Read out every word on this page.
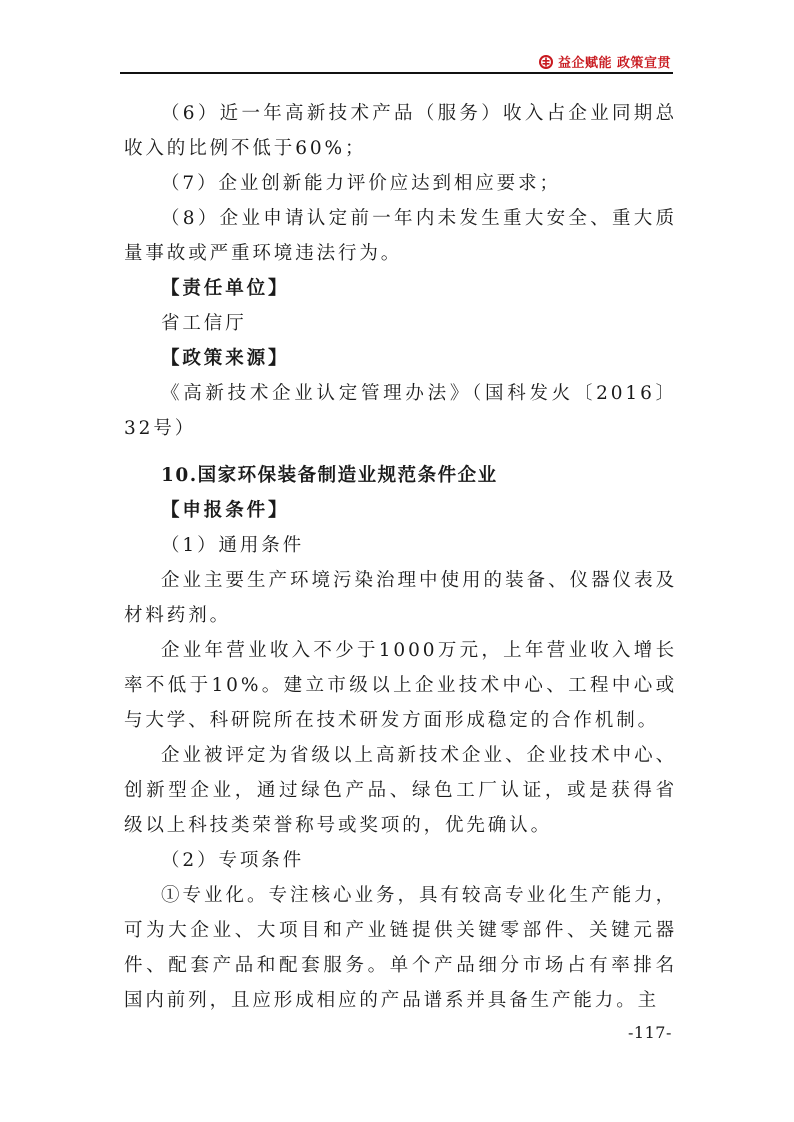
益企赋能 政策宣贯

（6）近一年高新技术产品（服务）收入占企业同期总收入的比例不低于60%；

（7）企业创新能力评价应达到相应要求；

（8）企业申请认定前一年内未发生重大安全、重大质量事故或严重环境违法行为。

【责任单位】

省工信厅

【政策来源】

《高新技术企业认定管理办法》（国科发火〔2016〕32号）

10.国家环保装备制造业规范条件企业

【申报条件】

（1）通用条件

企业主要生产环境污染治理中使用的装备、仪器仪表及材料药剂。

企业年营业收入不少于1000万元，上年营业收入增长率不低于10%。建立市级以上企业技术中心、工程中心或与大学、科研院所在技术研发方面形成稳定的合作机制。

企业被评定为省级以上高新技术企业、企业技术中心、创新型企业，通过绿色产品、绿色工厂认证，或是获得省级以上科技类荣誉称号或奖项的，优先确认。

（2）专项条件

①专业化。专注核心业务，具有较高专业化生产能力，可为大企业、大项目和产业链提供关键零部件、关键元器件、配套产品和配套服务。单个产品细分市场占有率排名国内前列，且应形成相应的产品谱系并具备生产能力。主

-117-
